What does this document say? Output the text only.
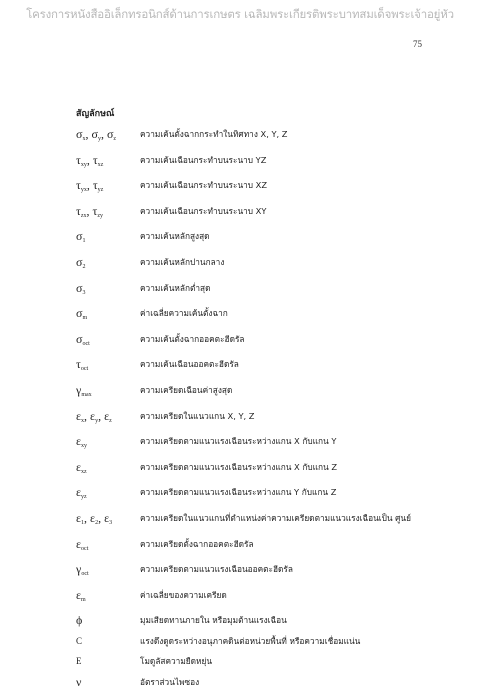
โครงการหนังสืออิเล็กทรอนิกส์ด้านการเกษตร เฉลิมพระเกียรติพระบาทสมเด็จพระเจ้าอยู่หัว
75
สัญลักษณ์
$\sigma_x$, $\sigma_y$, $\sigma_z$	ความเค้นตั้งฉากกระทำในทิศทาง X, Y, Z
$\tau_{xy}$, $\tau_{xz}$	ความเค้นเฉือนกระทำบนระนาบ YZ
$\tau_{yx}$, $\tau_{yz}$	ความเค้นเฉือนกระทำบนระนาบ XZ
$\tau_{zx}$, $\tau_{zy}$	ความเค้นเฉือนกระทำบนระนาบ XY
$\sigma_1$	ความเค้นหลักสูงสุด
$\sigma_2$	ความเค้นหลักปานกลาง
$\sigma_3$	ความเค้นหลักต่ำสุด
$\sigma_m$	ค่าเฉลี่ยความเค้นตั้งฉาก
$\sigma_{oct}$	ความเค้นตั้งฉากออคตะฮีดรัล
$\tau_{oct}$	ความเค้นเฉือนออคตะฮีดรัล
$\gamma_{max}$	ความเครียดเฉือนค่าสูงสุด
$\varepsilon_x$, $\varepsilon_y$, $\varepsilon_z$	ความเครียดในแนวแกน X, Y, Z
$\varepsilon_{xy}$	ความเครียดตามแนวแรงเฉือนระหว่างแกน X กับแกน Y
$\varepsilon_{xz}$	ความเครียดตามแนวแรงเฉือนระหว่างแกน X กับแกน Z
$\varepsilon_{yz}$	ความเครียดตามแนวแรงเฉือนระหว่างแกน Y กับแกน Z
$\varepsilon_1$, $\varepsilon_2$, $\varepsilon_3$	ความเครียดในแนวแกนที่ตำแหน่งค่าความเครียดตามแนวแรงเฉือนเป็น ศูนย์
$\varepsilon_{oct}$	ความเครียดตั้งฉากออคตะฮีดรัล
$\gamma_{oct}$	ความเครียดตามแนวแรงเฉือนออคตะฮีดรัล
$\varepsilon_m$	ค่าเฉลี่ยของความเครียด
ϕ	มุมเสียดทานภายใน หรือมุมต้านแรงเฉือน
C	แรงดึงดูดระหว่างอนุภาคดินต่อหน่วยพื้นที่ หรือความเชื่อมแน่น
E	โมดูลัสความยืดหยุ่น
ν	อัตราส่วนไพซอง
